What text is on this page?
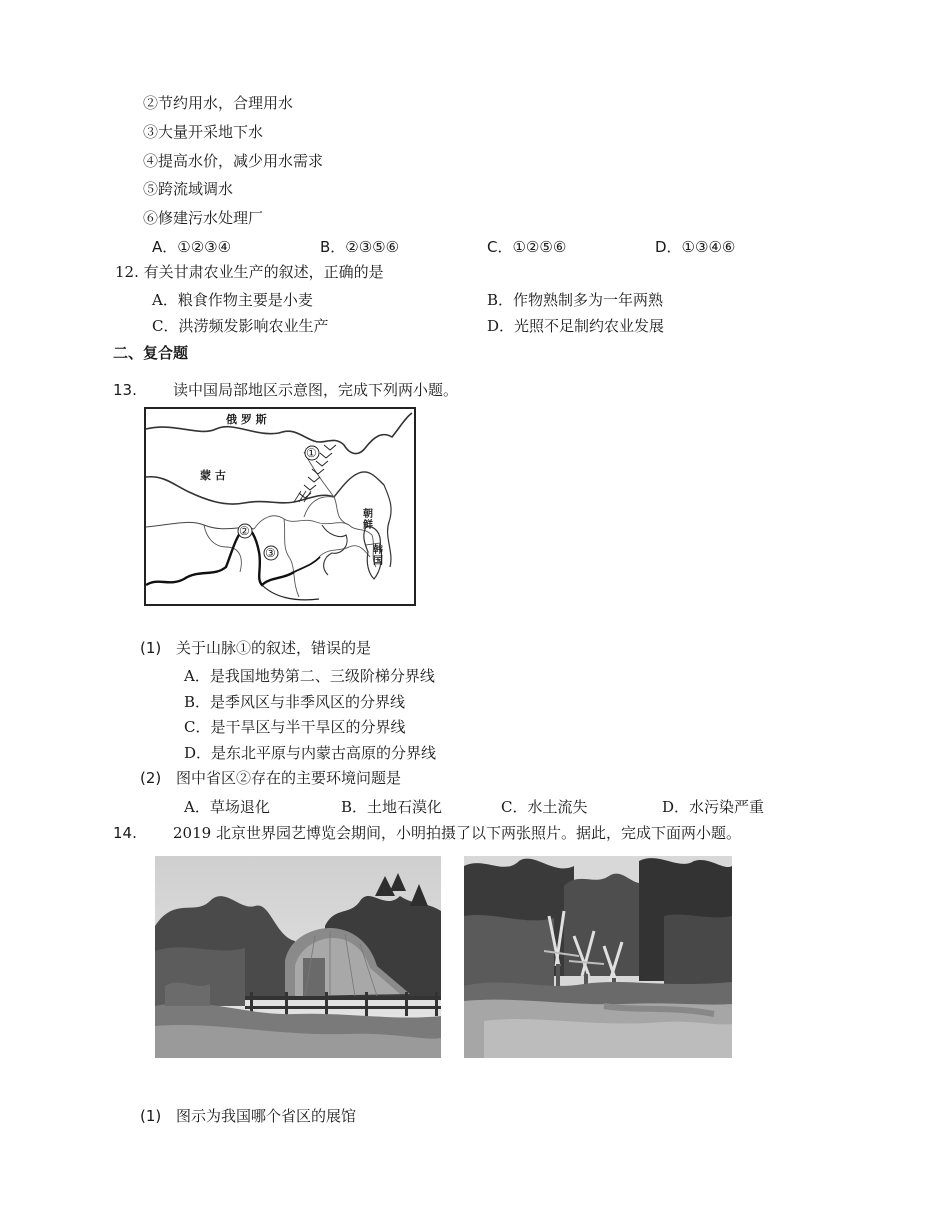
②节约用水，合理用水
③大量开采地下水
④提高水价，减少用水需求
⑤跨流域调水
⑥修建污水处理厂
A．①②③④	B．②③⑤⑥	C．①②⑤⑥	D．①③④⑥
12. 有关甘肃农业生产的叙述，正确的是
A．粮食作物主要是小麦	B．作物熟制多为一年两熟
C．洪涝频发影响农业生产	D．光照不足制约农业发展
二、复合题
13. 读中国局部地区示意图，完成下列两小题。
俄 罗 斯
蒙 古
朝鲜
韩国
①
②
③
(1) 关于山脉①的叙述，错误的是
A．是我国地势第二、三级阶梯分界线
B．是季风区与非季风区的分界线
C．是干旱区与半干旱区的分界线
D．是东北平原与内蒙古高原的分界线
(2) 图中省区②存在的主要环境问题是
A．草场退化	B．土地石漠化	C．水土流失	D．水污染严重
14. 2019 北京世界园艺博览会期间，小明拍摄了以下两张照片。据此，完成下面两小题。
(1) 图示为我国哪个省区的展馆
